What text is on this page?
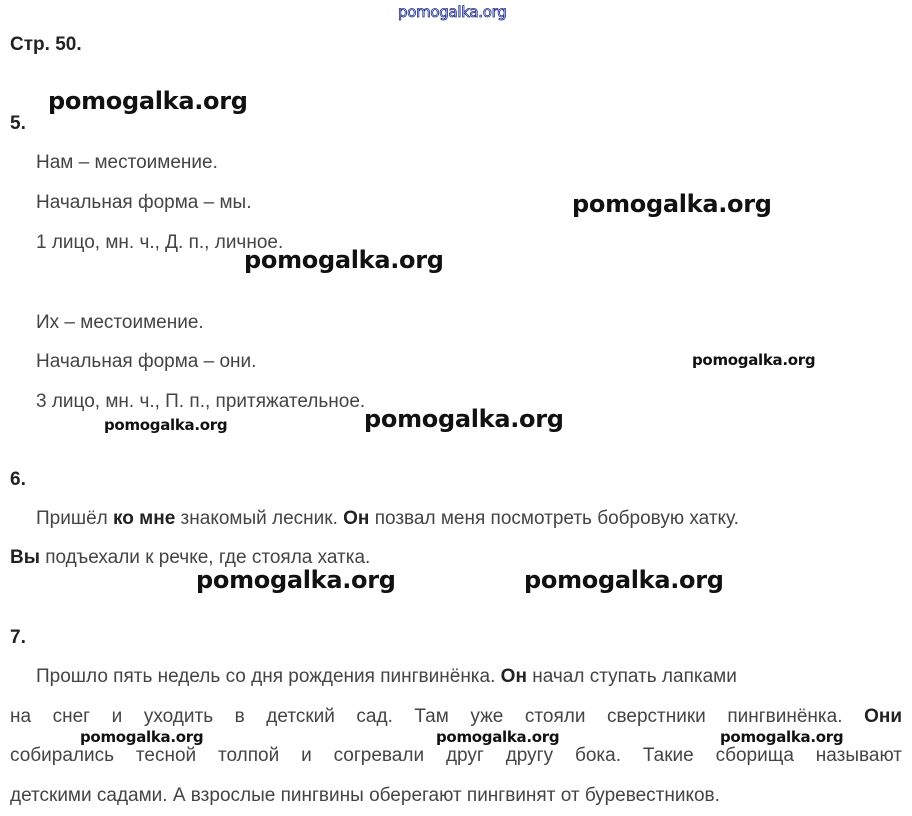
pomogalka.org
Стр. 50.
5.
Нам – местоимение.
Начальная форма – мы.
1 лицо, мн. ч., Д. п., личное.
Их – местоимение.
Начальная форма – они.
3 лицо, мн. ч., П. п., притяжательное.
6.
Пришёл ко мне знакомый лесник. Он позвал меня посмотреть бобровую хатку.
Вы подъехали к речке, где стояла хатка.
7.
Прошло пять недель со дня рождения пингвинёнка. Он начал ступать лапками
на снег и уходить в детский сад. Там уже стояли сверстники пингвинёнка. Они
собирались тесной толпой и согревали друг другу бока. Такие сборища называют
детскими садами. А взрослые пингвины оберегают пингвинят от буревестников.
pomogalka.org
pomogalka.org
pomogalka.org
pomogalka.org
pomogalka.org	pomogalka.org
pomogalka.org	pomogalka.org
pomogalka.org	pomogalka.org	pomogalka.org
